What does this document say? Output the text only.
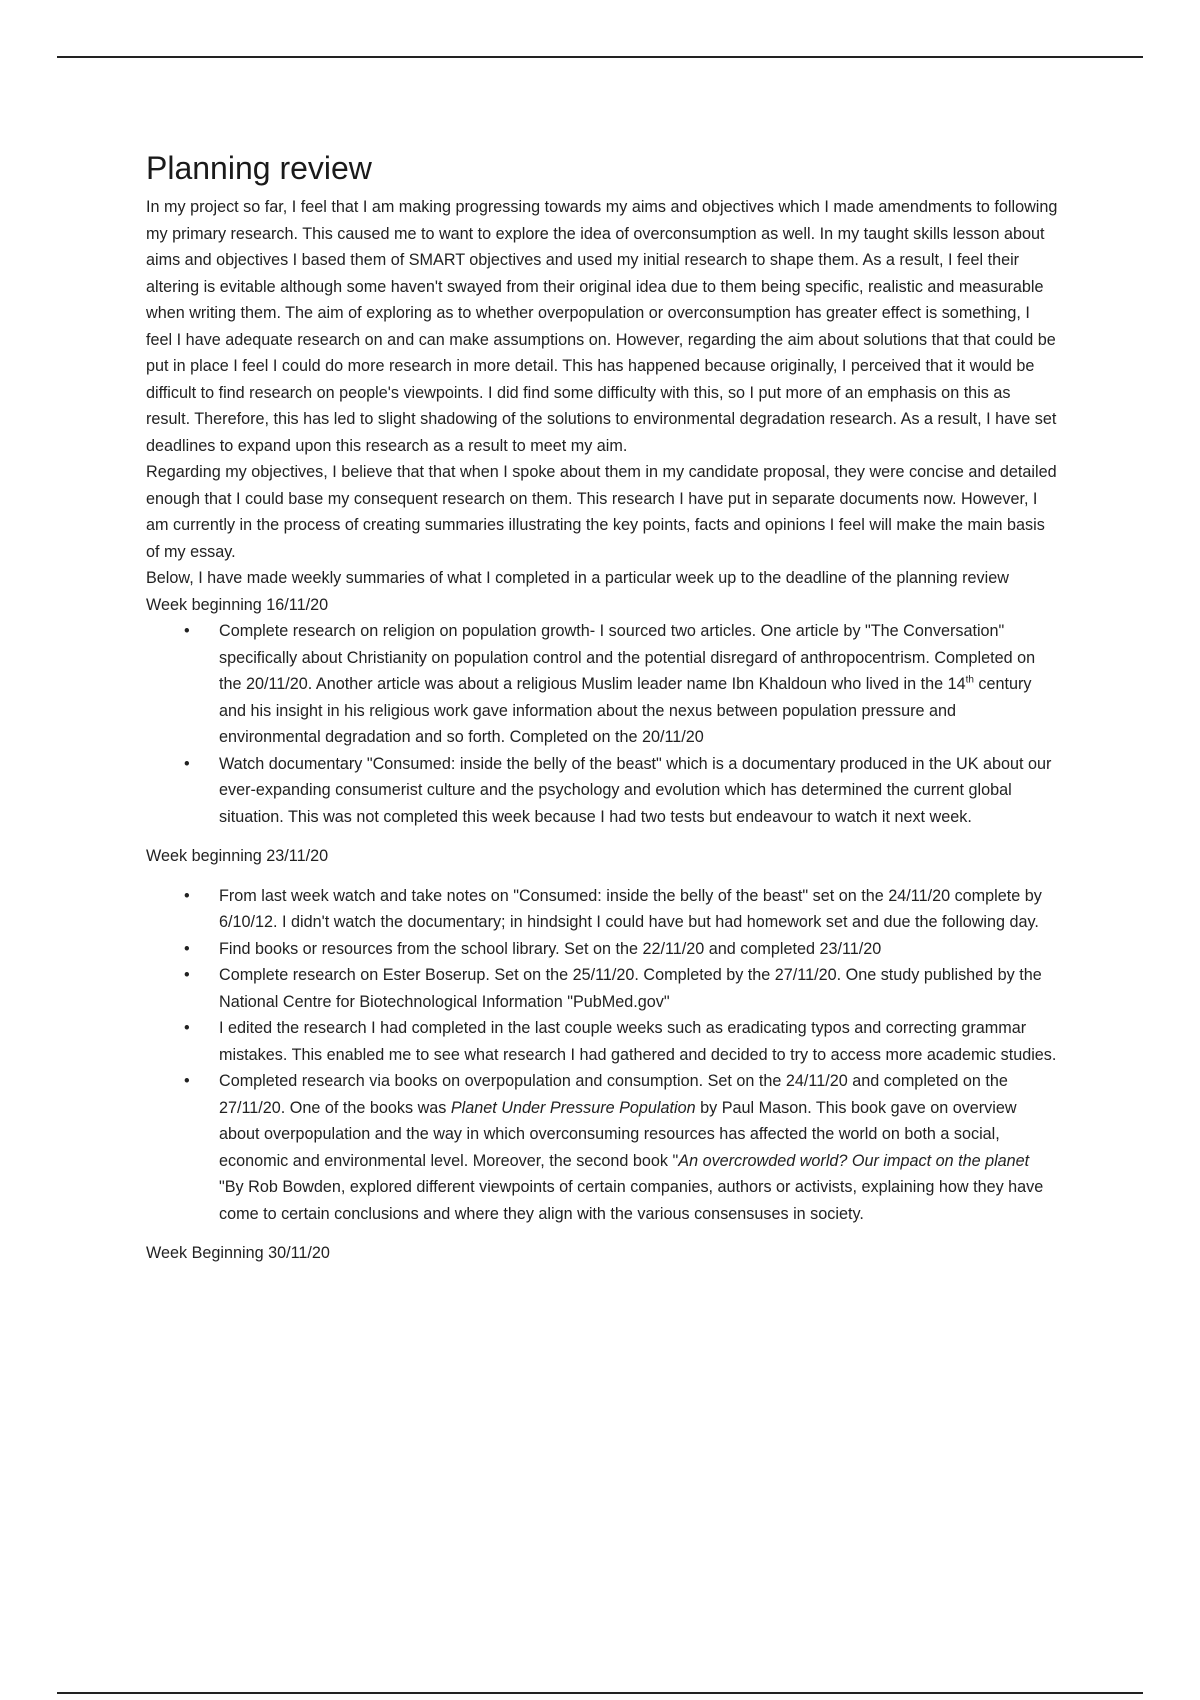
Planning review

In my project so far, I feel that I am making progressing towards my aims and objectives which I made amendments to following my primary research. This caused me to want to explore the idea of overconsumption as well. In my taught skills lesson about aims and objectives I based them of SMART objectives and used my initial research to shape them. As a result, I feel their altering is evitable although some haven't swayed from their original idea due to them being specific, realistic and measurable when writing them. The aim of exploring as to whether overpopulation or overconsumption has greater effect is something, I feel I have adequate research on and can make assumptions on. However, regarding the aim about solutions that that could be put in place I feel I could do more research in more detail. This has happened because originally, I perceived that it would be difficult to find research on people's viewpoints. I did find some difficulty with this, so I put more of an emphasis on this as result. Therefore, this has led to slight shadowing of the solutions to environmental degradation research. As a result, I have set deadlines to expand upon this research as a result to meet my aim.

Regarding my objectives, I believe that that when I spoke about them in my candidate proposal, they were concise and detailed enough that I could base my consequent research on them. This research I have put in separate documents now. However, I am currently in the process of creating summaries illustrating the key points, facts and opinions I feel will make the main basis of my essay.

Below, I have made weekly summaries of what I completed in a particular week up to the deadline of the planning review

Week beginning 16/11/20

• Complete research on religion on population growth- I sourced two articles. One article by "The Conversation" specifically about Christianity on population control and the potential disregard of anthropocentrism. Completed on the 20/11/20. Another article was about a religious Muslim leader name Ibn Khaldoun who lived in the 14th century and his insight in his religious work gave information about the nexus between population pressure and environmental degradation and so forth. Completed on the 20/11/20
• Watch documentary "Consumed: inside the belly of the beast" which is a documentary produced in the UK about our ever-expanding consumerist culture and the psychology and evolution which has determined the current global situation. This was not completed this week because I had two tests but endeavour to watch it next week.

Week beginning 23/11/20

• From last week watch and take notes on "Consumed: inside the belly of the beast" set on the 24/11/20 complete by 6/10/12. I didn't watch the documentary; in hindsight I could have but had homework set and due the following day.
• Find books or resources from the school library. Set on the 22/11/20 and completed 23/11/20
• Complete research on Ester Boserup. Set on the 25/11/20. Completed by the 27/11/20. One study published by the National Centre for Biotechnological Information "PubMed.gov"
• I edited the research I had completed in the last couple weeks such as eradicating typos and correcting grammar mistakes. This enabled me to see what research I had gathered and decided to try to access more academic studies.
• Completed research via books on overpopulation and consumption. Set on the 24/11/20 and completed on the 27/11/20. One of the books was Planet Under Pressure Population by Paul Mason. This book gave on overview about overpopulation and the way in which overconsuming resources has affected the world on both a social, economic and environmental level. Moreover, the second book "An overcrowded world? Our impact on the planet "By Rob Bowden, explored different viewpoints of certain companies, authors or activists, explaining how they have come to certain conclusions and where they align with the various consensuses in society.

Week Beginning 30/11/20
